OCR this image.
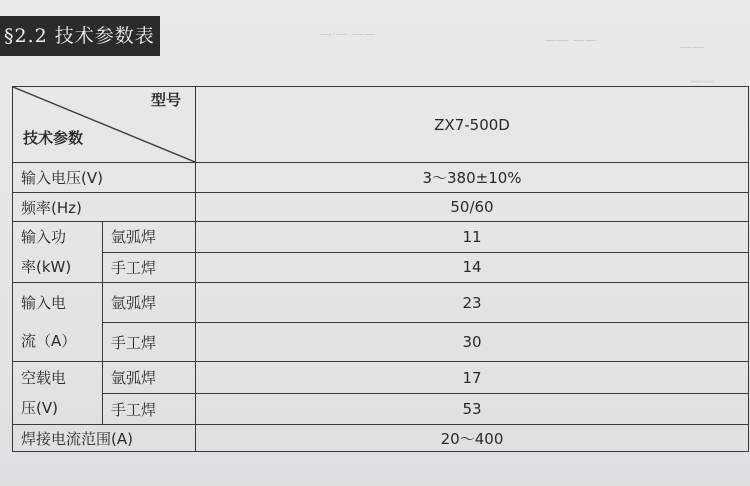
§2.2 技术参数表	—·— ——	—— ——	——
——
型号
技术参数		ZX7-500D
输入电压(V)		3～380±10%
频率(Hz)		50/60
输入功
率(kW)	氩弧焊	11
	手工焊	14
输入电
流（A）	氩弧焊	23
	手工焊	30
空载电
压(V)	氩弧焊	17
	手工焊	53
焊接电流范围(A)		20～400
